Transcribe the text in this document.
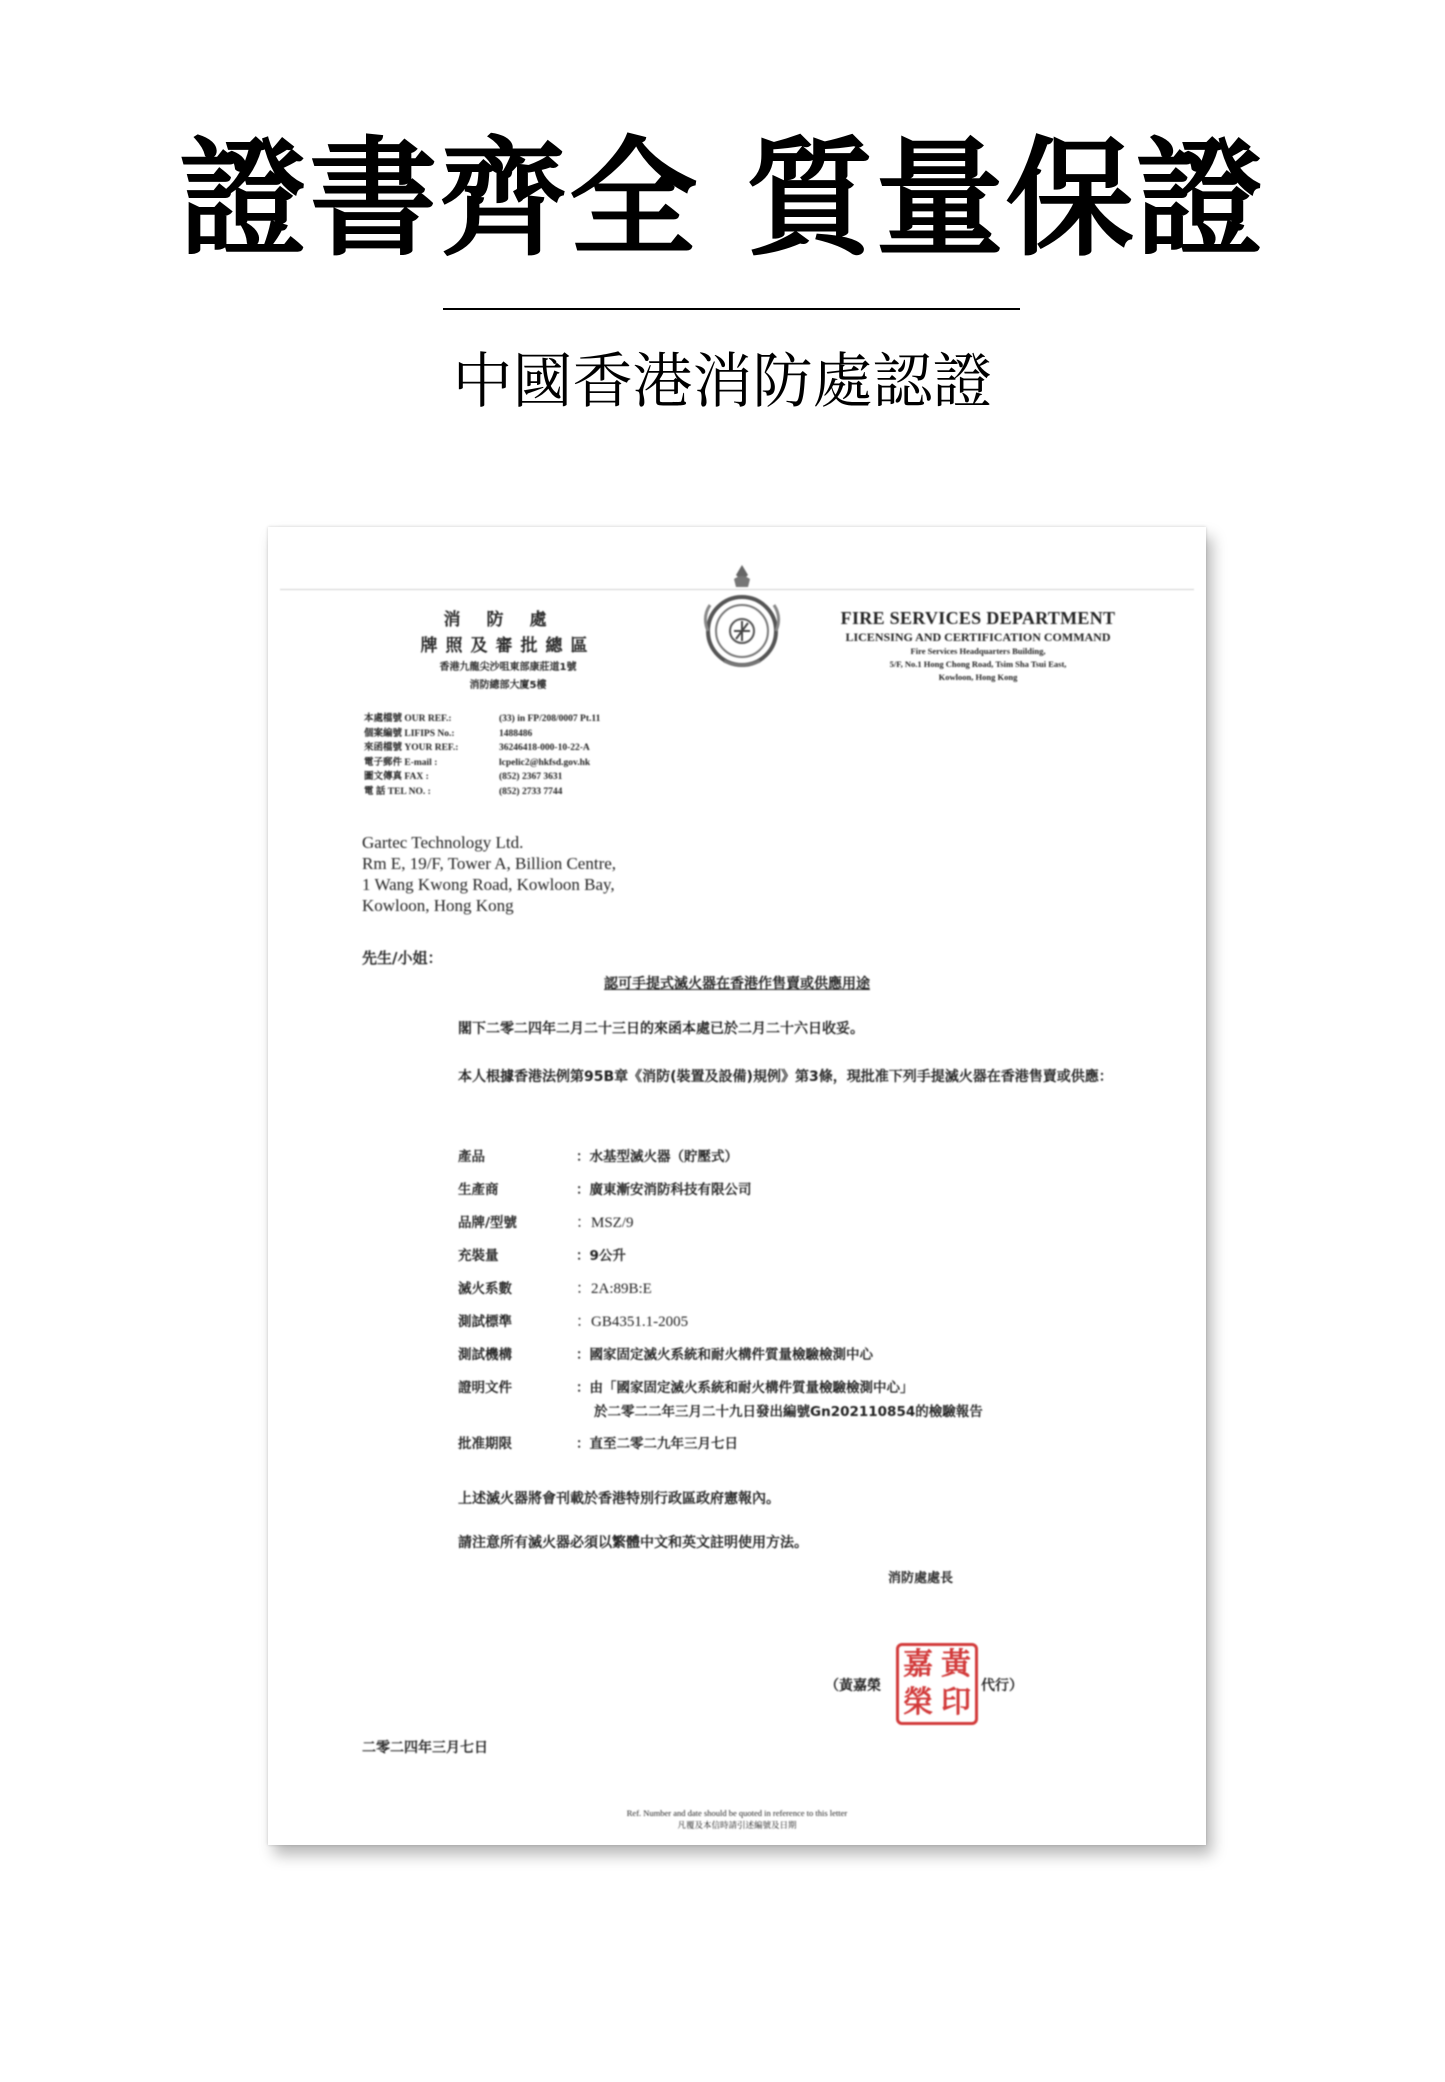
證書齊全 質量保證
中國香港消防處認證
消防處
牌照及審批總區
香港九龍尖沙咀東部康莊道1號
消防總部大廈5樓
FIRE SERVICES DEPARTMENT
LICENSING AND CERTIFICATION COMMAND
Fire Services Headquarters Building,
5/F, No.1 Hong Chong Road, Tsim Sha Tsui East,
Kowloon, Hong Kong
本處檔號 OUR REF.:	(33) in FP/208/0007 Pt.11
個案編號 LIFIPS No.:	1488486
來函檔號 YOUR REF.:	36246418-000-10-22-A
電子郵件 E-mail :	lcpelic2@hkfsd.gov.hk
圖文傳真 FAX :	(852) 2367 3631
電 話 TEL NO. :	(852) 2733 7744
Gartec Technology Ltd.
Rm E, 19/F, Tower A, Billion Centre,
1 Wang Kwong Road, Kowloon Bay,
Kowloon, Hong Kong
先生/小姐：
認可手提式滅火器在香港作售賣或供應用途
閣下二零二四年二月二十三日的來函本處已於二月二十六日收妥。
本人根據香港法例第95B章《消防(裝置及設備)規例》第3條，現批准下列手提滅火器在香港售賣或供應：
產品	：水基型滅火器（貯壓式）
生產商	：廣東漸安消防科技有限公司
品牌/型號	：MSZ/9
充裝量	：9公升
滅火系數	：2A:89B:E
測試標準	：GB4351.1-2005
測試機構	：國家固定滅火系統和耐火構件質量檢驗檢測中心
證明文件	：由「國家固定滅火系統和耐火構件質量檢驗檢測中心」
於二零二二年三月二十九日發出編號Gn202110854的檢驗報告
批准期限	：直至二零二九年三月七日
上述滅火器將會刊載於香港特別行政區政府憲報內。
請注意所有滅火器必須以繁體中文和英文註明使用方法。
消防處處長
（黃嘉榮	代行）
嘉 黃
榮 印
二零二四年三月七日
Ref. Number and date should be quoted in reference to this letter
凡覆及本信時請引述編號及日期
